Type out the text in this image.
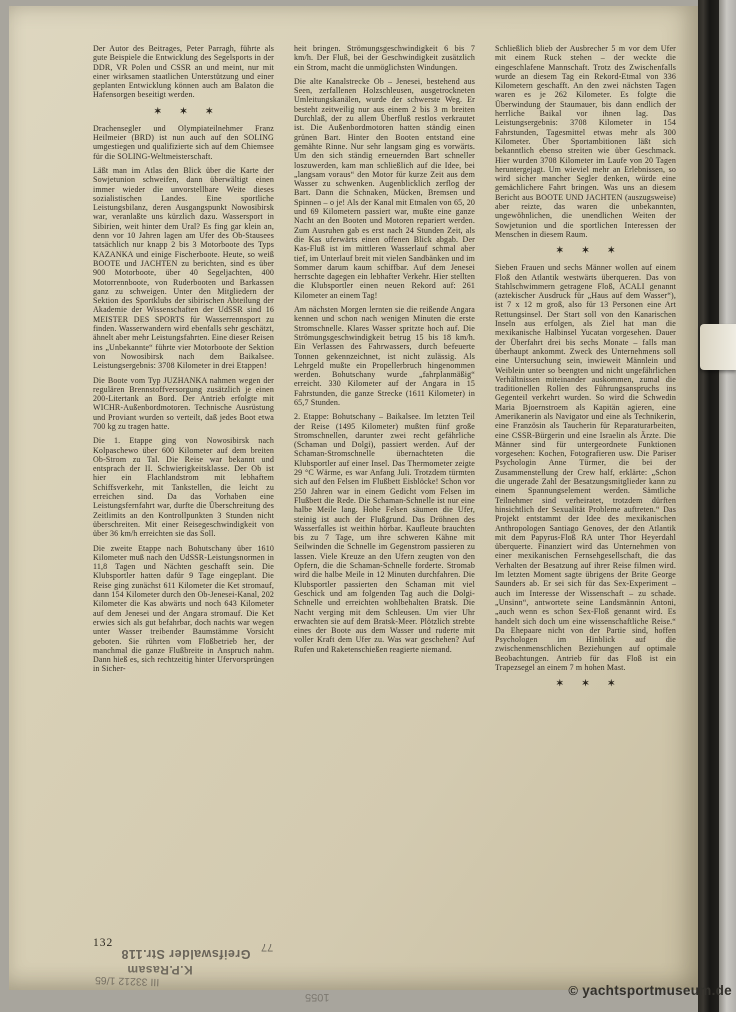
Der Autor des Beitrages, Peter Parragh, führte als gute Beispiele die Entwicklung des Segelsports in der DDR, VR Polen und CSSR an und meint, nur mit einer wirksamen staatlichen Unterstützung und einer geplanten Entwicklung können auch am Balaton die Hafensorgen beseitigt werden.

✶ ✶ ✶

Drachensegler und Olympiateilnehmer Franz Heilmeier (BRD) ist nun auch auf den SOLING umgestiegen und qualifizierte sich auf dem Chiemsee für die SOLING-Weltmeisterschaft.

Läßt man im Atlas den Blick über die Karte der Sowjetunion schweifen, dann überwältigt einen immer wieder die unvorstellbare Weite dieses sozialistischen Landes. Eine sportliche Leistungsbilanz, deren Ausgangspunkt Nowosibirsk war, veranlaßte uns kürzlich dazu. Wassersport in Sibirien, weit hinter dem Ural? Es fing gar klein an, denn vor 10 Jahren lagen am Ufer des Ob-Stausees tatsächlich nur knapp 2 bis 3 Motorboote des Typs KAZANKA und einige Fischerboote. Heute, so weiß BOOTE und JACHTEN zu berichten, sind es über 900 Motorboote, über 40 Segeljachten, 400 Motorrennboote, von Ruderbooten und Barkassen ganz zu schweigen. Unter den Mitgliedern der Sektion des Sportklubs der sibirischen Abteilung der Akademie der Wissenschaften der UdSSR sind 16 MEISTER DES SPORTS für Wasserrennsport zu finden. Wasserwandern wird ebenfalls sehr geschätzt, ähnelt aber mehr Leistungsfahrten. Eine dieser Reisen ins „Unbekannte“ führte vier Motorboote der Sektion von Nowosibirsk nach dem Baikalsee. Leistungsergebnis: 3708 Kilometer in drei Etappen!

Die Boote vom Typ JUZHANKA nahmen wegen der regulären Brennstoffversorgung zusätzlich je einen 200-Litertank an Bord. Der Antrieb erfolgte mit WICHR-Außenbordmotoren. Technische Ausrüstung und Proviant wurden so verteilt, daß jedes Boot etwa 700 kg zu tragen hatte.

Die 1. Etappe ging von Nowosibirsk nach Kolpaschewo über 600 Kilometer auf dem breiten Ob-Strom zu Tal. Die Reise war bekannt und entsprach der II. Schwierigkeitsklasse. Der Ob ist hier ein Flachlandstrom mit lebhaftem Schiffsverkehr, mit Tankstellen, die leicht zu erreichen sind. Da das Vorhaben eine Leistungsfernfahrt war, durfte die Überschreitung des Zeitlimits an den Kontrollpunkten 3 Stunden nicht überschreiten. Mit einer Reisegeschwindigkeit von über 36 km/h erreichten sie das Soll.

Die zweite Etappe nach Bohutschany über 1610 Kilometer muß nach den UdSSR-Leistungsnormen in 11,8 Tagen und Nächten geschafft sein. Die Klubsportler hatten dafür 9 Tage eingeplant. Die Reise ging zunächst 611 Kilometer die Ket stromauf, dann 154 Kilometer durch den Ob-Jenesei-Kanal, 202 Kilometer die Kas abwärts und noch 643 Kilometer auf dem Jenesei und der Angara stromauf. Die Ket erwies sich als gut befahrbar, doch nachts war wegen unter Wasser treibender Baumstämme Vorsicht geboten. Sie rührten vom Floßbetrieb her, der manchmal die ganze Flußbreite in Anspruch nahm. Dann hieß es, sich rechtzeitig hinter Ufervorsprüngen in Sicher-

heit bringen. Strömungsgeschwindigkeit 6 bis 7 km/h. Der Fluß, bei der Geschwindigkeit zusätzlich ein Strom, macht die unmöglichsten Windungen.

Die alte Kanalstrecke Ob – Jenesei, bestehend aus Seen, zerfallenen Holzschleusen, ausgetrockneten Umleitungskanälen, wurde der schwerste Weg. Er besteht zeitweilig nur aus einem 2 bis 3 m breiten Durchlaß, der zu allem Überfluß restlos verkrautet ist. Die Außenbordmotoren hatten ständig einen grünen Bart. Hinter den Booten entstand eine gemähte Rinne. Nur sehr langsam ging es vorwärts. Um den sich ständig erneuernden Bart schneller loszuwerden, kam man schließlich auf die Idee, bei „langsam voraus“ den Motor für kurze Zeit aus dem Wasser zu schwenken. Augenblicklich zerflog der Bart. Dann die Schnaken, Mücken, Bremsen und Spinnen – o je! Als der Kanal mit Etmalen von 65, 20 und 69 Kilometern passiert war, mußte eine ganze Nacht an den Booten und Motoren repariert werden. Zum Ausruhen gab es erst nach 24 Stunden Zeit, als die Kas uferwärts einen offenen Blick abgab. Der Kas-Fluß ist im mittleren Wasserlauf schmal aber tief, im Unterlauf breit mit vielen Sandbänken und im Sommer darum kaum schiffbar. Auf dem Jenesei herrschte dagegen ein lebhafter Verkehr. Hier stellten die Klubsportler einen neuen Rekord auf: 261 Kilometer an einem Tag!

Am nächsten Morgen lernten sie die reißende Angara kennen und schon nach wenigen Minuten die erste Stromschnelle. Klares Wasser spritzte hoch auf. Die Strömungsgeschwindigkeit betrug 15 bis 18 km/h. Ein Verlassen des Fahrwassers, durch befeuerte Tonnen gekennzeichnet, ist nicht zulässig. Als Lehrgeld mußte ein Propellerbruch hingenommen werden. Bohutschany wurde „fahrplanmäßig“ erreicht. 330 Kilometer auf der Angara in 15 Fahrstunden, die ganze Strecke (1611 Kilometer) in 65,7 Stunden.

2. Etappe: Bohutschany – Baikalsee. Im letzten Teil der Reise (1495 Kilometer) mußten fünf große Stromschnellen, darunter zwei recht gefährliche (Schaman und Dolgi), passiert werden. Auf der Schaman-Stromschnelle übernachteten die Klubsportler auf einer Insel. Das Thermometer zeigte 29 °C Wärme, es war Anfang Juli. Trotzdem türmten sich auf den Felsen im Flußbett Eisblöcke! Schon vor 250 Jahren war in einem Gedicht vom Felsen im Flußbett die Rede. Die Schaman-Schnelle ist nur eine halbe Meile lang. Hohe Felsen säumen die Ufer, steinig ist auch der Flußgrund. Das Dröhnen des Wasserfalles ist weithin hörbar. Kaufleute brauchten bis zu 7 Tage, um ihre schweren Kähne mit Seilwinden die Schnelle im Gegenstrom passieren zu lassen. Viele Kreuze an den Ufern zeugten von den Opfern, die die Schaman-Schnelle forderte. Stromab wird die halbe Meile in 12 Minuten durchfahren. Die Klubsportler passierten den Schaman mit viel Geschick und am folgenden Tag auch die Dolgi-Schnelle und erreichten wohlbehalten Bratsk. Die Nacht verging mit dem Schleusen. Um vier Uhr erwachten sie auf dem Bratsk-Meer. Plötzlich strebte eines der Boote aus dem Wasser und ruderte mit voller Kraft dem Ufer zu. Was war geschehen? Auf Rufen und Raketenschießen reagierte niemand.

Schließlich blieb der Ausbrecher 5 m vor dem Ufer mit einem Ruck stehen – der weckte die eingeschlafene Mannschaft. Trotz des Zwischenfalls wurde an diesem Tag ein Rekord-Etmal von 336 Kilometern geschafft. An den zwei nächsten Tagen waren es je 262 Kilometer. Es folgte die Überwindung der Staumauer, bis dann endlich der herrliche Baikal vor ihnen lag. Das Leistungsergebnis: 3708 Kilometer in 154 Fahrstunden, Tagesmittel etwas mehr als 300 Kilometer. Über Sportambitionen läßt sich bekanntlich ebenso streiten wie über Geschmack. Hier wurden 3708 Kilometer im Laufe von 20 Tagen heruntergejagt. Um wieviel mehr an Erlebnissen, so wird sicher mancher Segler denken, würde eine gemächlichere Fahrt bringen. Was uns an diesem Bericht aus BOOTE UND JACHTEN (auszugsweise) aber reizte, das waren die unbekannten, ungewöhnlichen, die unendlichen Weiten der Sowjetunion und die sportlichen Interessen der Menschen in diesem Raum.

✶ ✶ ✶

Sieben Frauen und sechs Männer wollen auf einem Floß den Atlantik westwärts überqueren. Das von Stahlschwimmern getragene Floß, ACALI genannt (aztekischer Ausdruck für „Haus auf dem Wasser“), ist 7 x 12 m groß, also für 13 Personen eine Art Rettungsinsel. Der Start soll von den Kanarischen Inseln aus erfolgen, als Ziel hat man die mexikanische Halbinsel Yucatan vorgesehen. Dauer der Überfahrt drei bis sechs Monate – falls man überhaupt ankommt. Zweck des Unternehmens soll eine Untersuchung sein, inwieweit Männlein und Weiblein unter so beengten und nicht ungefährlichen Verhältnissen miteinander auskommen, zumal die traditionellen Rollen des Führungsanspruchs ins Gegenteil verkehrt wurden. So wird die Schwedin Maria Bjoernstroem als Kapitän agieren, eine Amerikanerin als Navigator und eine als Technikerin, eine Französin als Taucherin für Reparaturarbeiten, eine CSSR-Bürgerin und eine Israelin als Ärzte. Die Männer sind für untergeordnete Funktionen vorgesehen: Kochen, Fotografieren usw. Die Pariser Psychologin Anne Türmer, die bei der Zusammenstellung der Crew half, erklärte: „Schon die ungerade Zahl der Besatzungsmitglieder kann zu einem Spannungselement werden. Sämtliche Teilnehmer sind verheiratet, trotzdem dürften hinsichtlich der Sexualität Probleme auftreten.“ Das Projekt entstammt der Idee des mexikanischen Anthropologen Santiago Genoves, der den Atlantik mit dem Papyrus-Floß RA unter Thor Heyerdahl überquerte. Finanziert wird das Unternehmen von einer mexikanischen Fernsehgesellschaft, die das Verhalten der Besatzung auf ihrer Reise filmen wird. Im letzten Moment sagte übrigens der Brite George Saunders ab. Er sei sich für das Sex-Experiment – auch im Interesse der Wissenschaft – zu schade. „Unsinn“, antwortete seine Landsmännin Antoni, „auch wenn es schon Sex-Floß genannt wird. Es handelt sich doch um eine wissenschaftliche Reise.“ Da Ehepaare nicht von der Partie sind, hoffen Psychologen im Hinblick auf die zwischenmenschlichen Beziehungen auf optimale Beobachtungen. Antrieb für das Floß ist ein Trapezsegel an einem 7 m hohen Mast.

✶ ✶ ✶
132
Greifswalder Str.118 77
K.P.Rasam
III 33212 1/65
1055	© yachtsportmuseum.de
